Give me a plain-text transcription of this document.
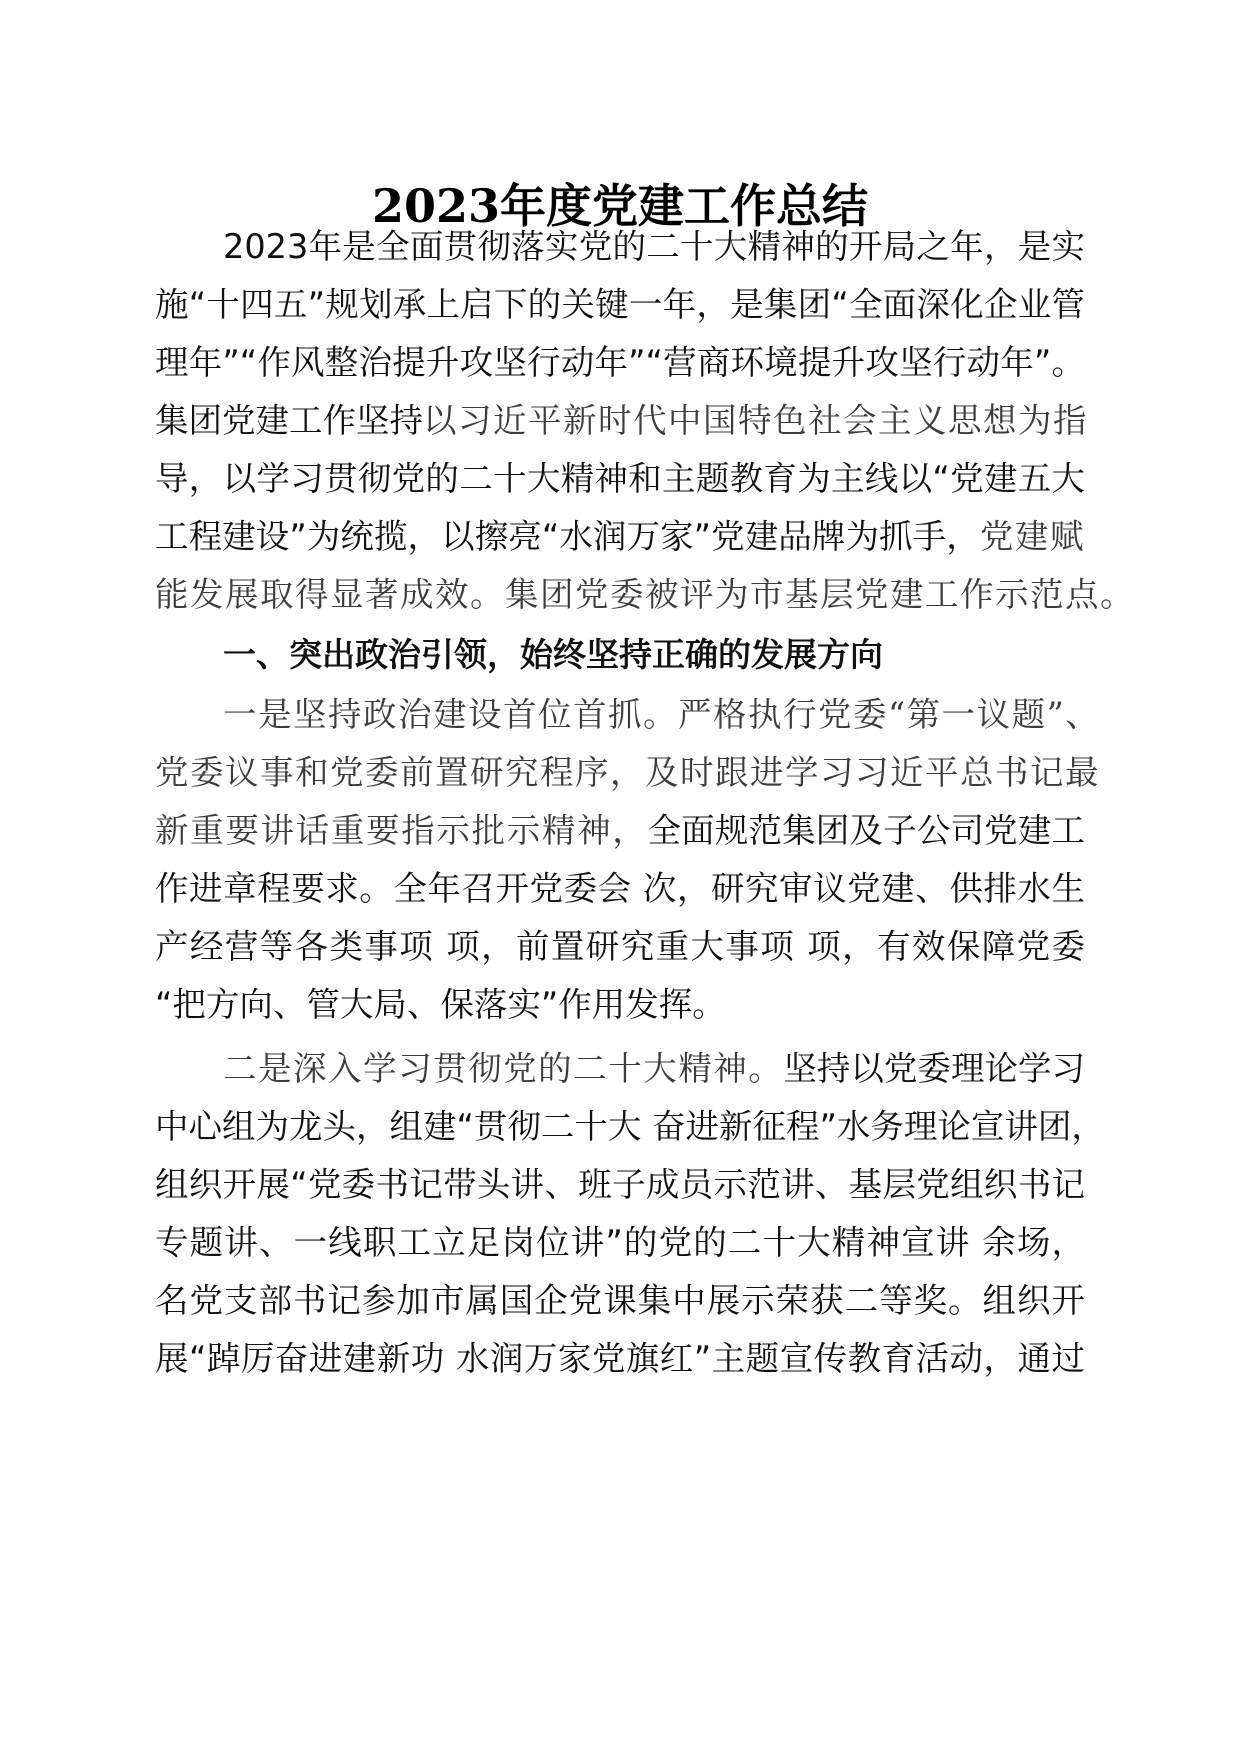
2023年度党建工作总结
2023年是全面贯彻落实党的二十大精神的开局之年，是实
施“十四五”规划承上启下的关键一年，是集团“全面深化企业管
理年”“作风整治提升攻坚行动年”“营商环境提升攻坚行动年”。
集团党建工作坚持以习近平新时代中国特色社会主义思想为指
导，以学习贯彻党的二十大精神和主题教育为主线以“党建五大
工程建设”为统揽，以擦亮“水润万家”党建品牌为抓手，党建赋
能发展取得显著成效。集团党委被评为市基层党建工作示范点。
一、突出政治引领，始终坚持正确的发展方向
一是坚持政治建设首位首抓。严格执行党委“第一议题”、
党委议事和党委前置研究程序，及时跟进学习习近平总书记最
新重要讲话重要指示批示精神，全面规范集团及子公司党建工
作进章程要求。全年召开党委会 次，研究审议党建、供排水生
产经营等各类事项 项，前置研究重大事项 项，有效保障党委
“把方向、管大局、保落实”作用发挥。
二是深入学习贯彻党的二十大精神。坚持以党委理论学习
中心组为龙头，组建“贯彻二十大 奋进新征程”水务理论宣讲团，
组织开展“党委书记带头讲、班子成员示范讲、基层党组织书记
专题讲、一线职工立足岗位讲”的党的二十大精神宣讲 余场，
名党支部书记参加市属国企党课集中展示荣获二等奖。组织开
展“踔厉奋进建新功 水润万家党旗红”主题宣传教育活动，通过
